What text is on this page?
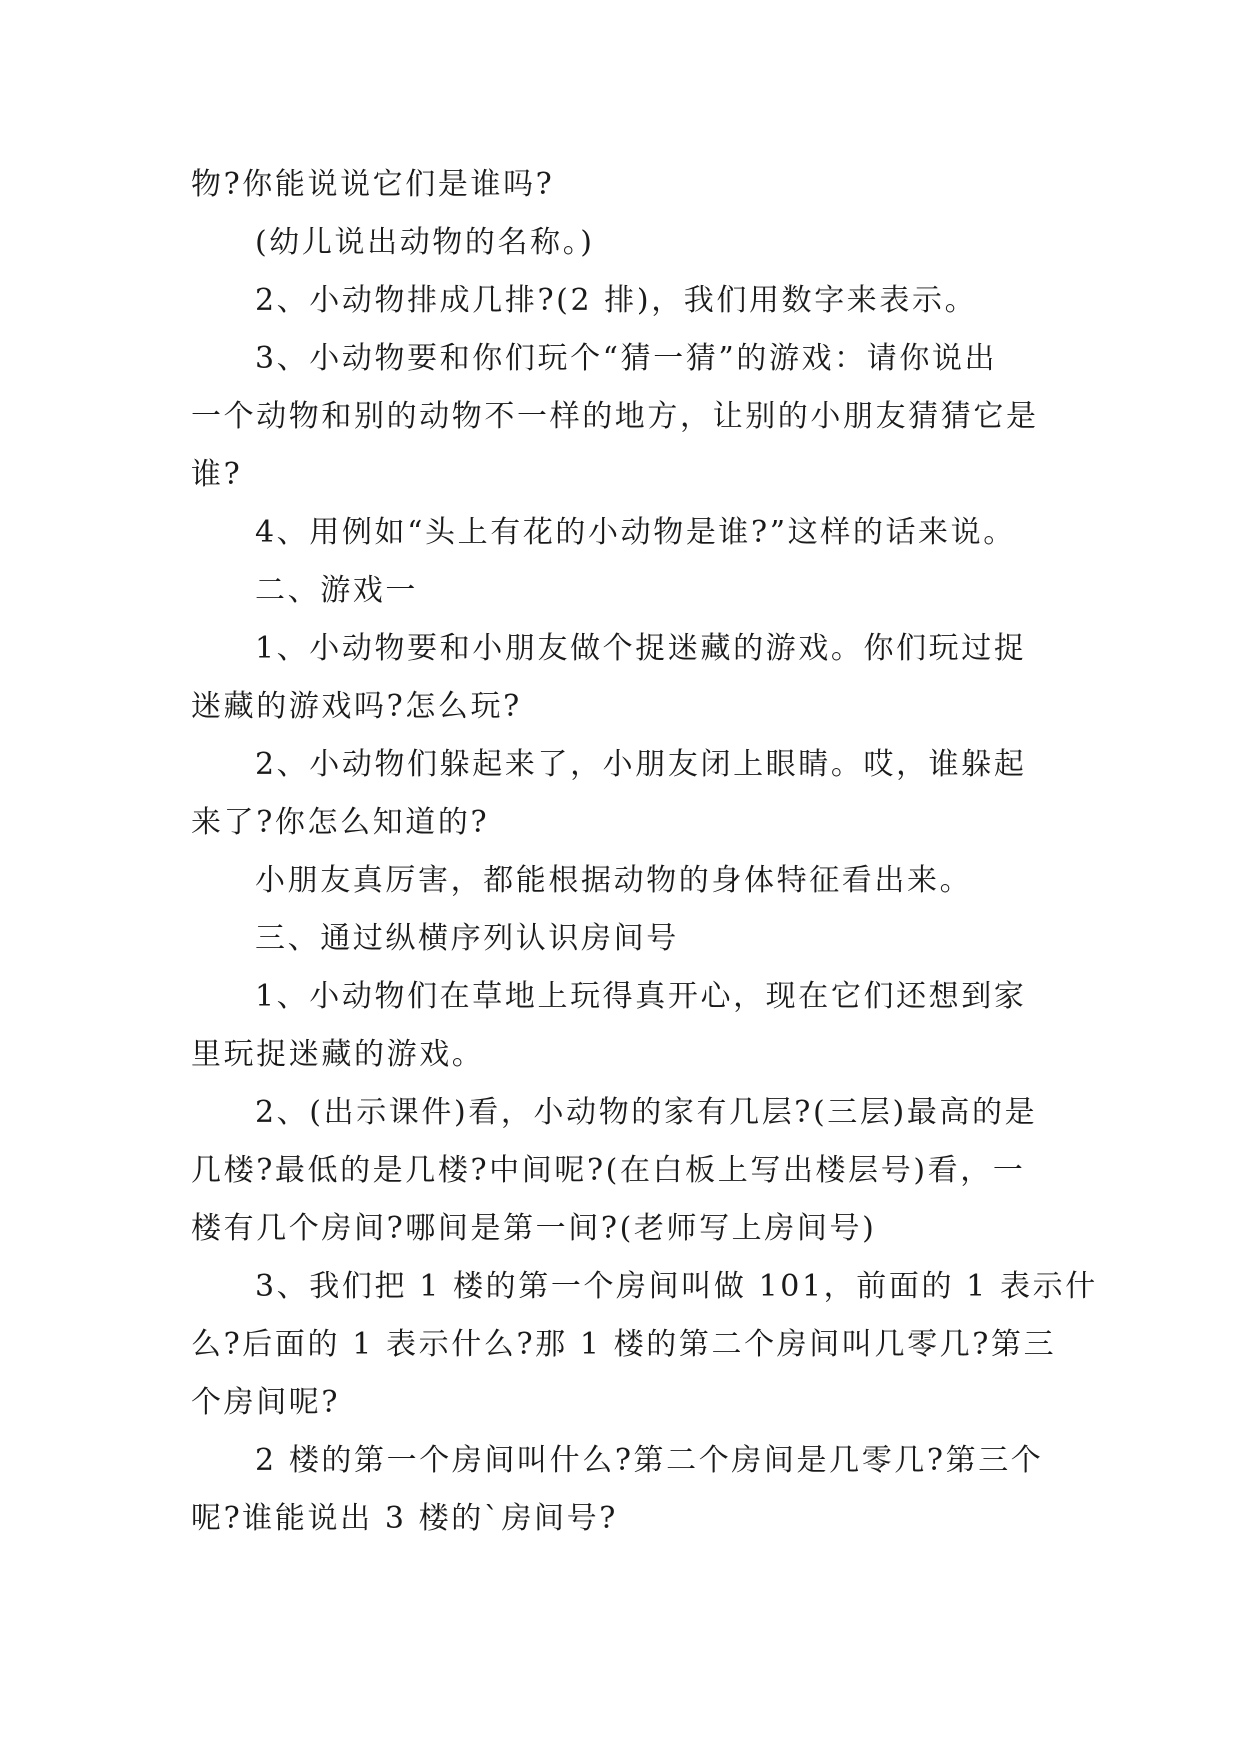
物?你能说说它们是谁吗?

(幼儿说出动物的名称。)

2、小动物排成几排?(2 排)，我们用数字来表示。

3、小动物要和你们玩个“猜一猜”的游戏：请你说出

一个动物和别的动物不一样的地方，让别的小朋友猜猜它是

谁?

4、用例如“头上有花的小动物是谁?”这样的话来说。

二、游戏一

1、小动物要和小朋友做个捉迷藏的游戏。你们玩过捉

迷藏的游戏吗?怎么玩?

2、小动物们躲起来了，小朋友闭上眼睛。哎，谁躲起

来了?你怎么知道的?

小朋友真厉害，都能根据动物的身体特征看出来。

三、通过纵横序列认识房间号

1、小动物们在草地上玩得真开心，现在它们还想到家

里玩捉迷藏的游戏。

2、(出示课件)看，小动物的家有几层?(三层)最高的是

几楼?最低的是几楼?中间呢?(在白板上写出楼层号)看，一

楼有几个房间?哪间是第一间?(老师写上房间号)

3、我们把 1 楼的第一个房间叫做 101，前面的 1 表示什

么?后面的 1 表示什么?那 1 楼的第二个房间叫几零几?第三

个房间呢?

2 楼的第一个房间叫什么?第二个房间是几零几?第三个

呢?谁能说出 3 楼的`房间号?
